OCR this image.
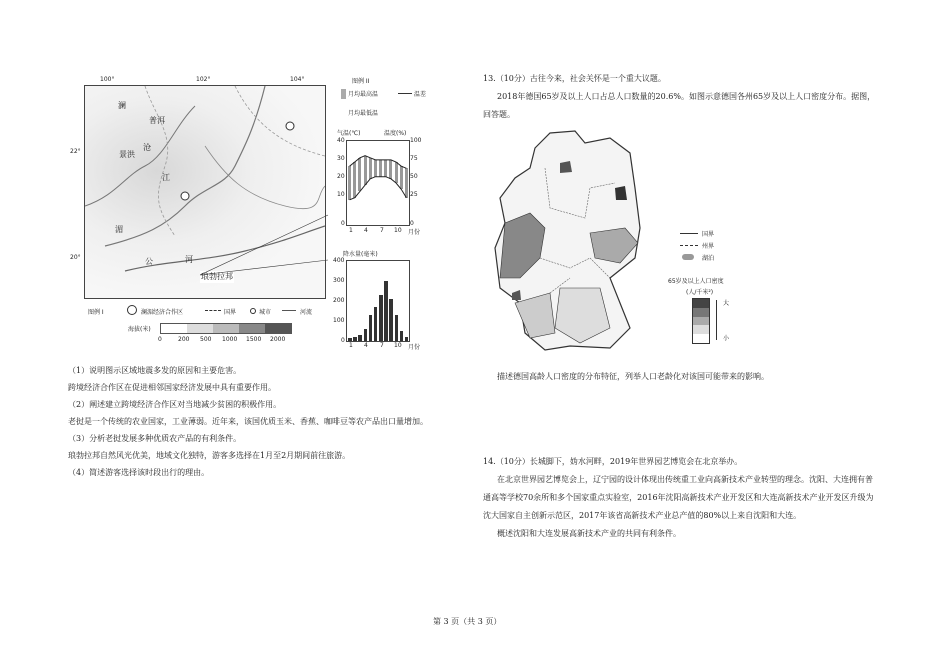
100°	102°	104°
22°
20°
澜
普洱
景洪
沧
江
湄
公	河
琅勃拉邦
图例 I	澜湄经济合作区	国界	城市	河流
海拔(米)
0	200 500 1000 1500 2000
图例 II
月均最高温
月均最低温
温差
气温(℃)	温度(%)
40
30
20
10
0
100
75
50
25
0
1 4 7 10 月份
降水量(毫米)
400
300
200
100
0
1 4 7 10 月份
（1）说明图示区域地震多发的原因和主要危害。
跨境经济合作区在促进相邻国家经济发展中具有重要作用。
（2）阐述建立跨境经济合作区对当地减少贫困的积极作用。
老挝是一个传统的农业国家，工业薄弱。近年来，该国优质玉米、香蕉、咖啡豆等农产品出口量增加。
（3）分析老挝发展多种优质农产品的有利条件。
琅勃拉邦自然风光优美，地域文化独特，游客多选择在1月至2月期间前往旅游。
（4）简述游客选择该时段出行的理由。
13.（10分）古往今来，社会关怀是一个重大议题。
2018年德国65岁及以上人口占总人口数量的20.6%。如图示意德国各州65岁及以上人口密度分布。据图，
回答题。
国界
州界
湖泊
65岁及以上人口密度
(人/千米²)
大
小
描述德国高龄人口密度的分布特征，列举人口老龄化对该国可能带来的影响。
14.（10分）长城脚下，妫水河畔，2019年世界园艺博览会在北京举办。
在北京世界园艺博览会上，辽宁园的设计体现出传统重工业向高新技术产业转型的理念。沈阳、大连拥有普
通高等学校70余所和多个国家重点实验室，2016年沈阳高新技术产业开发区和大连高新技术产业开发区升级为
沈大国家自主创新示范区，2017年该省高新技术产业总产值的80%以上来自沈阳和大连。
概述沈阳和大连发展高新技术产业的共同有利条件。
第 3 页（共 3 页）
